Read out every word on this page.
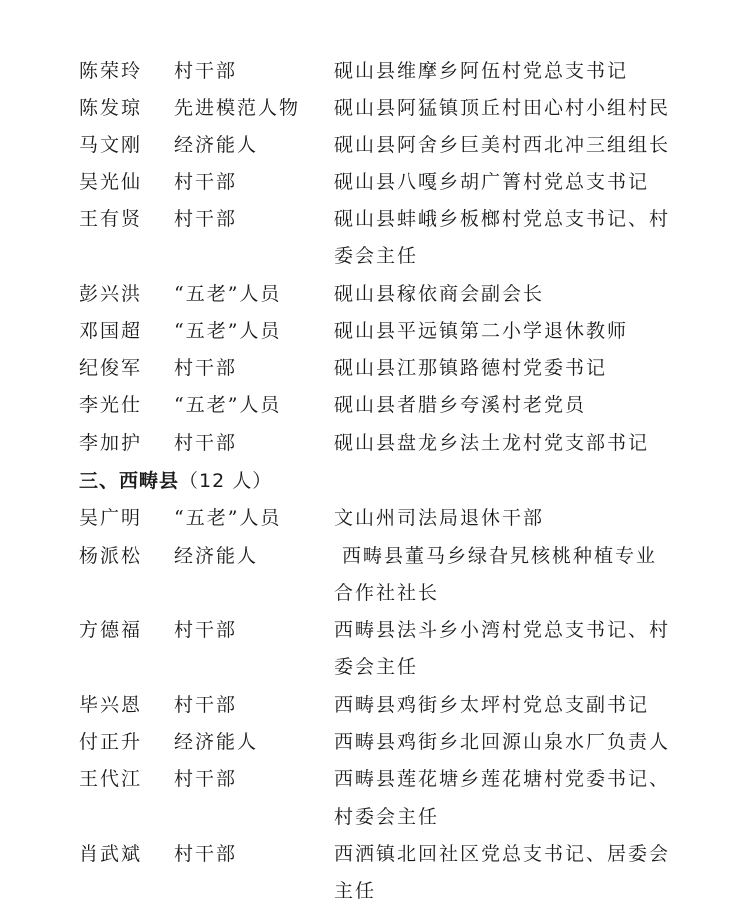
陈荣玲 村干部	砚山县维摩乡阿伍村党总支书记
陈发琼 先进模范人物 砚山县阿猛镇顶丘村田心村小组村民
马文刚 经济能人	砚山县阿舍乡巨美村西北冲三组组长
吴光仙 村干部	砚山县八嘎乡胡广箐村党总支书记
王有贤 村干部	砚山县蚌峨乡板榔村党总支书记、村
委会主任
彭兴洪 “五老”人员	砚山县稼依商会副会长
邓国超 “五老”人员	砚山县平远镇第二小学退休教师
纪俊军 村干部	砚山县江那镇路德村党委书记
李光仕 “五老”人员	砚山县者腊乡夸溪村老党员
李加护 村干部	砚山县盘龙乡法土龙村党支部书记
三、西畴县（12 人）
吴广明 “五老”人员	文山州司法局退休干部
杨派松 经济能人	西畴县董马乡绿旮旯核桃种植专业
合作社社长
方德福 村干部	西畴县法斗乡小湾村党总支书记、村
委会主任
毕兴恩 村干部	西畴县鸡街乡太坪村党总支副书记
付正升 经济能人	西畴县鸡街乡北回源山泉水厂负责人
王代江 村干部	西畴县莲花塘乡莲花塘村党委书记、
村委会主任
肖武斌 村干部	西洒镇北回社区党总支书记、居委会
主任
